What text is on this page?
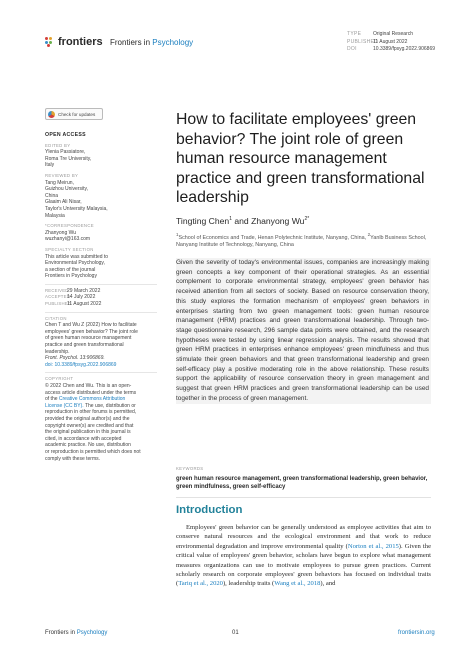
frontiers Frontiers in Psychology
TYPE Original Research
PUBLISHED11 August 2022
DOI	10.3389/fpsyg.2022.906869
Check for updates
OPEN ACCESS
EDITED BY
Ylenia Passiatore,
Roma Tre University,
Italy
REVIEWED BY
Tang Meirun,
Guizhou University,
China
Glaaim Ali Nisar,
Taylor's University Malaysia,
Malaysia
*CORRESPONDENCE
Zhanyong Wu
wuzhanyi@163.com
SPECIALTY SECTION
This article was submitted to
Environmental Psychology,
a section of the journal
Frontiers in Psychology
RECEIVED29 March 2022
ACCEPTED14 July 2022
PUBLISHED11 August 2022
CITATION
Chen T and Wu Z (2022) How to facilitate
employees' green behavior? The joint role
of green human resource management
practice and green transformational
leadership.
Front. Psychol. 13:906869.
doi: 10.3389/fpsyg.2022.906869
COPYRIGHT
© 2022 Chen and Wu. This is an open-
access article distributed under the terms
of the Creative Commons Attribution
License (CC BY). The use, distribution or
reproduction in other forums is permitted,
provided the original author(s) and the
copyright owner(s) are credited and that
the original publication in this journal is
cited, in accordance with accepted
academic practice. No use, distribution
or reproduction is permitted which does not
comply with these terms.
How to facilitate employees' green behavior? The joint role of green human resource management practice and green transformational leadership
Tingting Chen$^1$ and Zhanyong $Wu^{2*}$
$^1$School of Economics and Trade, Henan Polytechnic Institute, Nanyang, China, $^2$Yanlb Business School, Nanyang Institute of Technology, Nanyang, China

Given the severity of today's environmental issues, companies are increasingly making green concepts a key component of their operational strategies. As an essential complement to corporate environmental strategy, employees' green behavior has received attention from all sectors of society. Based on resource conservation theory, this study explores the formation mechanism of employees' green behaviors in enterprises starting from two green management tools: green human resource management (HRM) practices and green transformational leadership. Through two-stage questionnaire research, 296 sample data points were obtained, and the research hypotheses were tested by using linear regression analysis. The results showed that green HRM practices in enterprises enhance employees' green mindfulness and thus stimulate their green behaviors and that green transformational leadership and green self-efficacy play a positive moderating role in the above relationship. These results support the applicability of resource conservation theory in green management and suggest that green HRM practices and green transformational leadership can be used together in the process of green management.

KEYWORDS
green human resource management, green transformational leadership, green behavior, green mindfulness, green self-efficacy
Introduction

Employees' green behavior can be generally understood as employee activities that aim to conserve natural resources and the ecological environment and that work to reduce environmental degradation and improve environmental quality (Norton et al., 2015). Given the critical value of employees' green behavior, scholars have begun to explore what management measures organizations can use to motivate employees to pursue green practices. Current scholarly research on corporate employees' green behaviors has focused on individual traits (Tariq et al., 2020), leadership traits (Wang et al., 2018), and

Frontiers in Psychology	01	frontiersin.org
